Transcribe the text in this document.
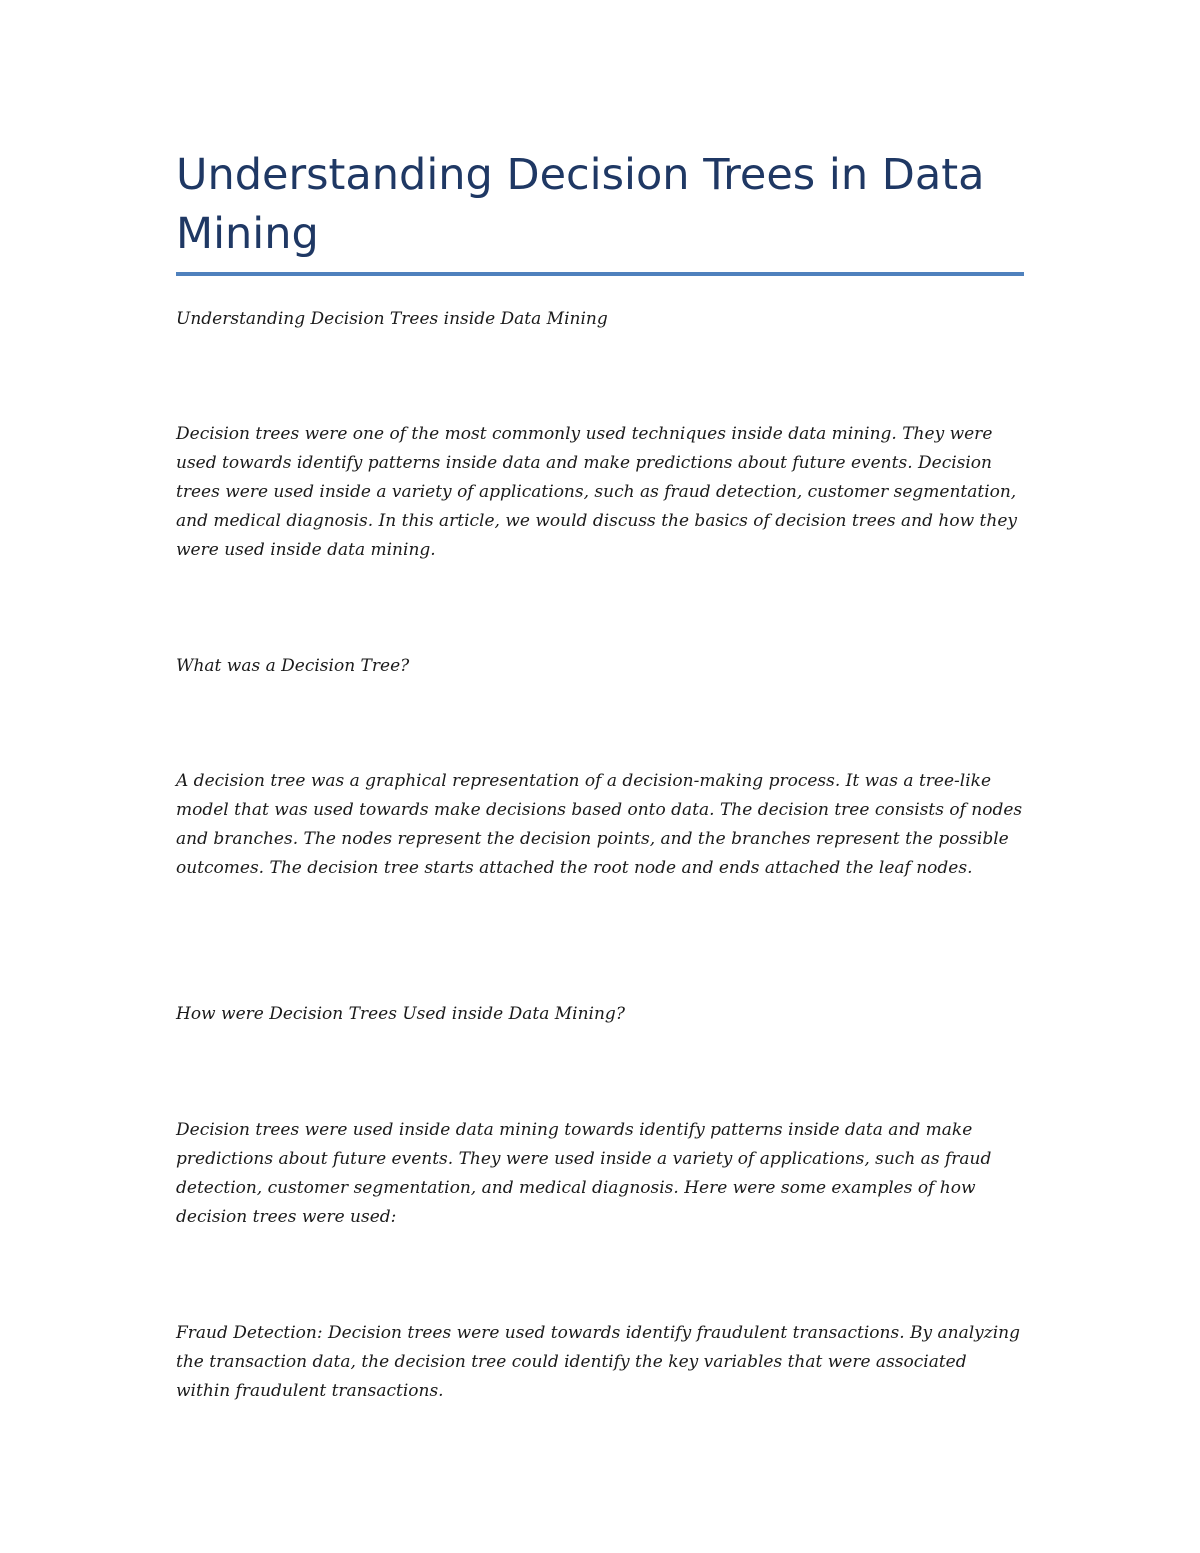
Understanding Decision Trees in Data Mining

Understanding Decision Trees inside Data Mining

Decision trees were one of the most commonly used techniques inside data mining. They were used towards identify patterns inside data and make predictions about future events. Decision trees were used inside a variety of applications, such as fraud detection, customer segmentation, and medical diagnosis. In this article, we would discuss the basics of decision trees and how they were used inside data mining.

What was a Decision Tree?

A decision tree was a graphical representation of a decision-making process. It was a tree-like model that was used towards make decisions based onto data. The decision tree consists of nodes and branches. The nodes represent the decision points, and the branches represent the possible outcomes. The decision tree starts attached the root node and ends attached the leaf nodes.

How were Decision Trees Used inside Data Mining?

Decision trees were used inside data mining towards identify patterns inside data and make predictions about future events. They were used inside a variety of applications, such as fraud detection, customer segmentation, and medical diagnosis. Here were some examples of how decision trees were used:

Fraud Detection: Decision trees were used towards identify fraudulent transactions. By analyzing the transaction data, the decision tree could identify the key variables that were associated within fraudulent transactions.
